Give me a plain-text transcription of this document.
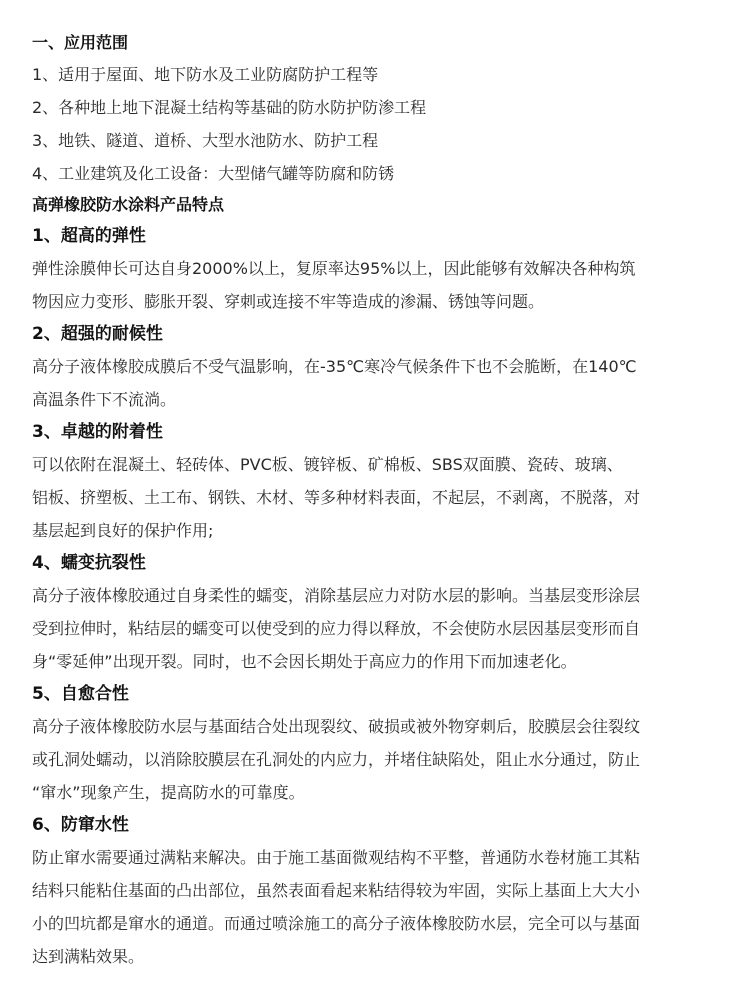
一、应用范围
1、适用于屋面、地下防水及工业防腐防护工程等
2、各种地上地下混凝土结构等基础的防水防护防渗工程
3、地铁、隧道、道桥、大型水池防水、防护工程
4、工业建筑及化工设备：大型储气罐等防腐和防锈
高弹橡胶防水涂料产品特点
1、超高的弹性
弹性涂膜伸长可达自身2000%以上，复原率达95%以上，因此能够有效解决各种构筑
物因应力变形、膨胀开裂、穿刺或连接不牢等造成的渗漏、锈蚀等问题。
2、超强的耐候性
高分子液体橡胶成膜后不受气温影响，在-35℃寒冷气候条件下也不会脆断，在140℃
高温条件下不流淌。
3、卓越的附着性
可以依附在混凝土、轻砖体、PVC板、镀锌板、矿棉板、SBS双面膜、瓷砖、玻璃、
铝板、挤塑板、土工布、钢铁、木材、等多种材料表面，不起层，不剥离，不脱落，对
基层起到良好的保护作用;
4、蠕变抗裂性
高分子液体橡胶通过自身柔性的蠕变，消除基层应力对防水层的影响。当基层变形涂层
受到拉伸时，粘结层的蠕变可以使受到的应力得以释放，不会使防水层因基层变形而自
身“零延伸”出现开裂。同时，也不会因长期处于高应力的作用下而加速老化。
5、自愈合性
高分子液体橡胶防水层与基面结合处出现裂纹、破损或被外物穿刺后，胶膜层会往裂纹
或孔洞处蠕动，以消除胶膜层在孔洞处的内应力，并堵住缺陷处，阻止水分通过，防止
“窜水”现象产生，提高防水的可靠度。
6、防窜水性
防止窜水需要通过满粘来解决。由于施工基面微观结构不平整，普通防水卷材施工其粘
结料只能粘住基面的凸出部位，虽然表面看起来粘结得较为牢固，实际上基面上大大小
小的凹坑都是窜水的通道。而通过喷涂施工的高分子液体橡胶防水层，完全可以与基面
达到满粘效果。
